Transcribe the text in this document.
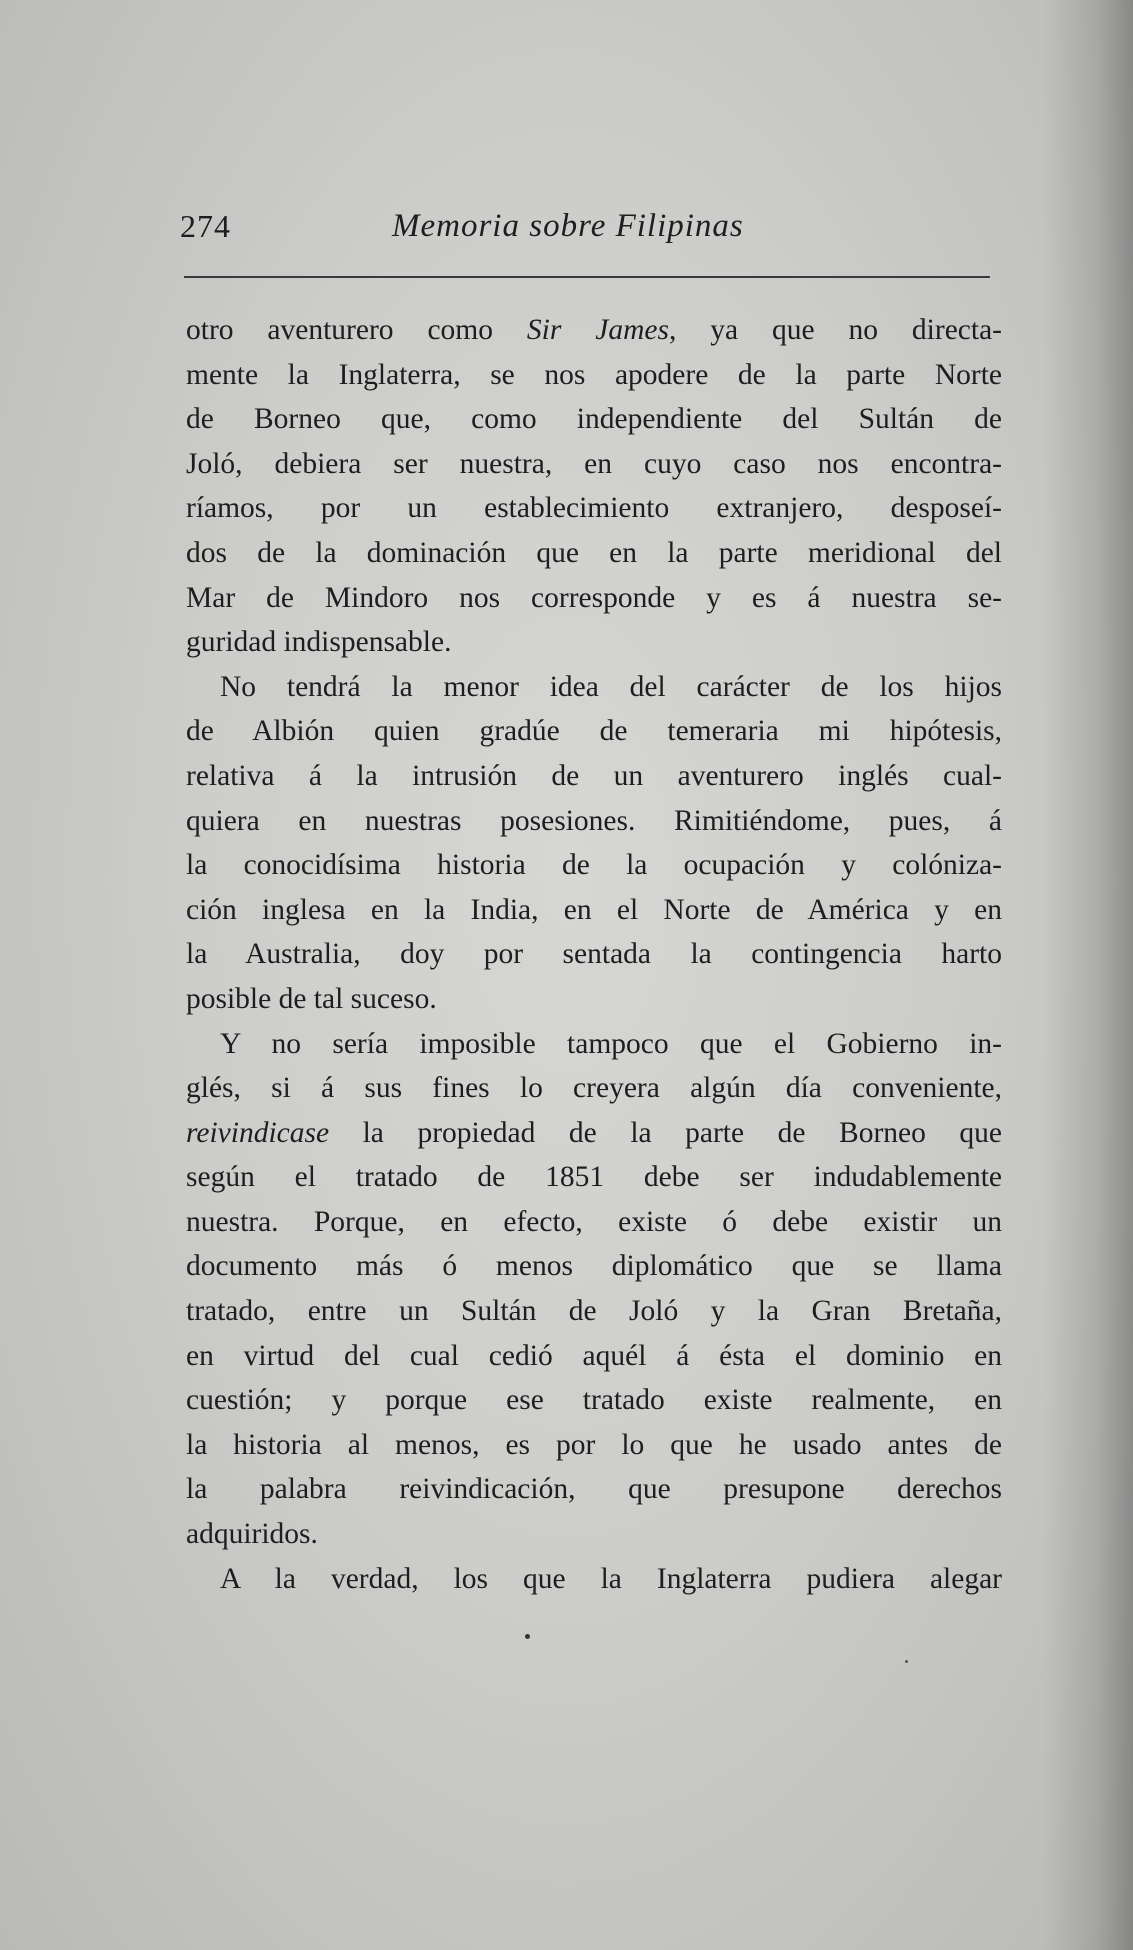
274	Memoria sobre Filipinas
otro aventurero como Sir James, ya que no directa-
mente la Inglaterra, se nos apodere de la parte Norte
de Borneo que, como independiente del Sultán de
Joló, debiera ser nuestra, en cuyo caso nos encontra-
ríamos, por un establecimiento extranjero, desposeí-
dos de la dominación que en la parte meridional del
Mar de Mindoro nos corresponde y es á nuestra se-
guridad indispensable.
No tendrá la menor idea del carácter de los hijos
de Albión quien gradúe de temeraria mi hipótesis,
relativa á la intrusión de un aventurero inglés cual-
quiera en nuestras posesiones. Rimitiéndome, pues, á
la conocidísima historia de la ocupación y colóniza-
ción inglesa en la India, en el Norte de América y en
la Australia, doy por sentada la contingencia harto
posible de tal suceso.
Y no sería imposible tampoco que el Gobierno in-
glés, si á sus fines lo creyera algún día conveniente,
reivindicase la propiedad de la parte de Borneo que
según el tratado de 1851 debe ser indudablemente
nuestra. Porque, en efecto, existe ó debe existir un
documento más ó menos diplomático que se llama
tratado, entre un Sultán de Joló y la Gran Bretaña,
en virtud del cual cedió aquél á ésta el dominio en
cuestión; y porque ese tratado existe realmente, en
la historia al menos, es por lo que he usado antes de
la palabra reivindicación, que presupone derechos
adquiridos.
A la verdad, los que la Inglaterra pudiera alegar
